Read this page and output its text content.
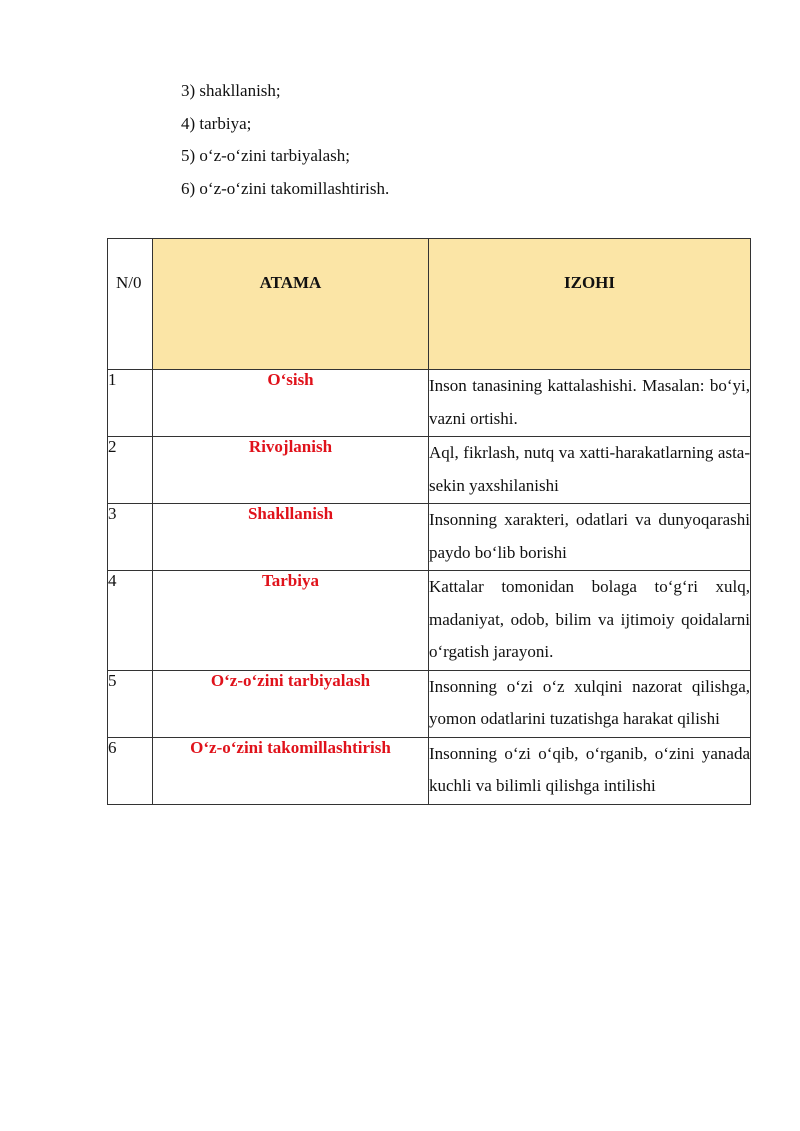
3) shakllanish;
4) tarbiya;
5) o‘z-o‘zini tarbiyalash;
6) o‘z-o‘zini takomillashtirish.
N/0	ATAMA	IZOHI
1	O‘sish	Inson tanasining kattalashishi. Masalan: bo‘yi, vazni ortishi.

2	Rivojlanish	Aql, fikrlash, nutq va xatti-harakatlarning asta-sekin yaxshilanishi

3	Shakllanish	Insonning xarakteri, odatlari va dunyoqarashi paydo bo‘lib borishi

4	Tarbiya	Kattalar tomonidan bolaga to‘g‘ri xulq, madaniyat, odob, bilim va ijtimoiy qoidalarni o‘rgatish jarayoni.

5	O‘z-o‘zini tarbiyalash	Insonning o‘zi o‘z xulqini nazorat qilishga, yomon odatlarini tuzatishga harakat qilishi

6	O‘z-o‘zini takomillashtirish	Insonning o‘zi o‘qib, o‘rganib, o‘zini yanada kuchli va bilimli qilishga intilishi
